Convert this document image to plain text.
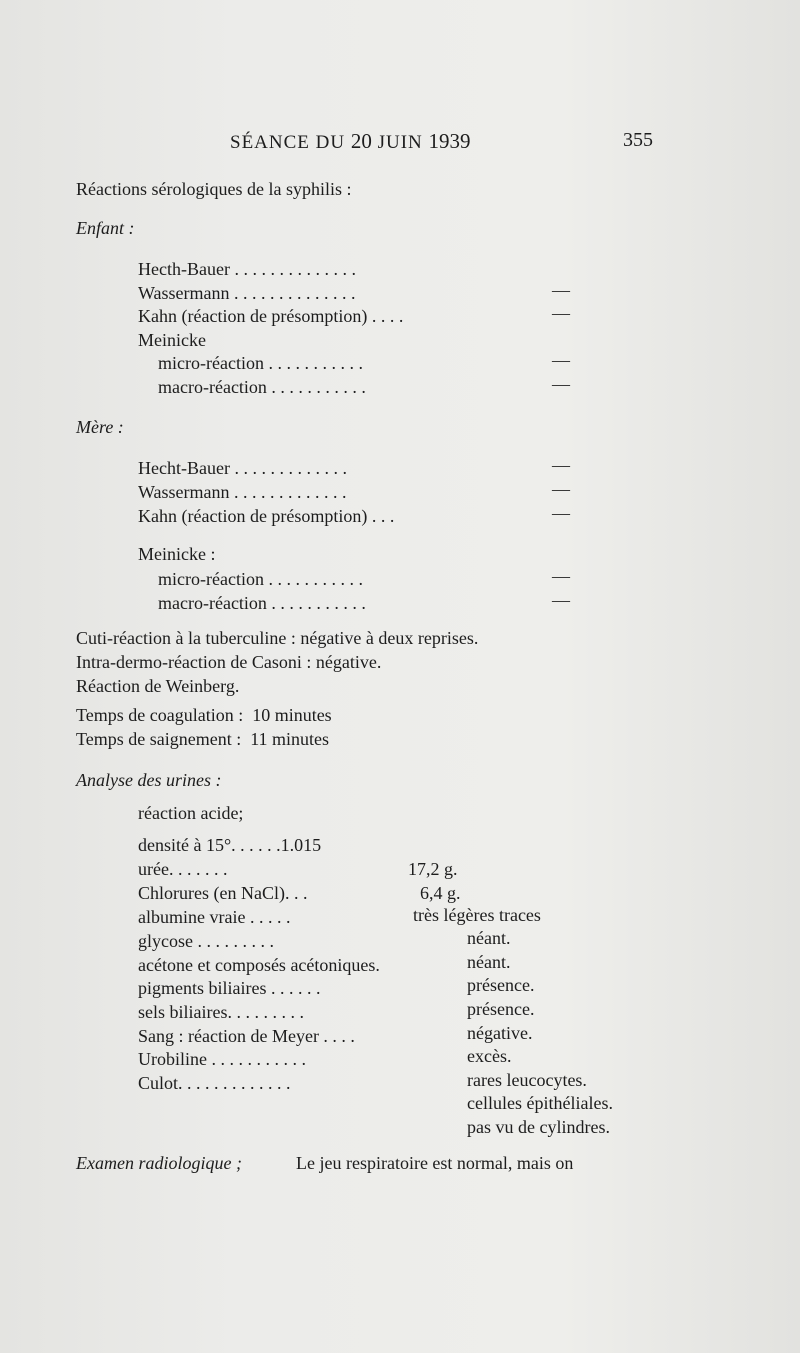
SÉANCE DU 20 JUIN 1939	355
Réactions sérologiques de la syphilis :
Enfant :
Hecth-Bauer . . . . . . . . . . . . . .
Wassermann . . . . . . . . . . . . . .	—
Kahn (réaction de présomption) . . . .	—
Meinicke
micro-réaction . . . . . . . . . . .	—
macro-réaction . . . . . . . . . . .	—
Mère :
Hecht-Bauer . . . . . . . . . . . . .	—
Wassermann . . . . . . . . . . . . .	—
Kahn (réaction de présomption) . . .	—
Meinicke :
micro-réaction . . . . . . . . . . .	—
macro-réaction . . . . . . . . . . .	—
Cuti-réaction à la tuberculine : négative à deux reprises.
Intra-dermo-réaction de Casoni : négative.
Réaction de Weinberg.
Temps de coagulation :  10 minutes
Temps de saignement :  11 minutes
Analyse des urines :
réaction acide;
densité à 15°. . . . . .1.015
urée. . . . . . .	17,2 g.
Chlorures (en NaCl). . .	6,4 g.
albumine vraie . . . . .	très légères traces
glycose . . . . . . . . .	néant.
acétone et composés acétoniques.	néant.
pigments biliaires . . . . . .	présence.
sels biliaires. . . . . . . . .	présence.
Sang : réaction de Meyer . . . .	négative.
Urobiline . . . . . . . . . . .	excès.
Culot. . . . . . . . . . . . .	rares leucocytes.
cellules épithéliales.
pas vu de cylindres.
Examen radiologique ;	Le jeu respiratoire est normal, mais on
